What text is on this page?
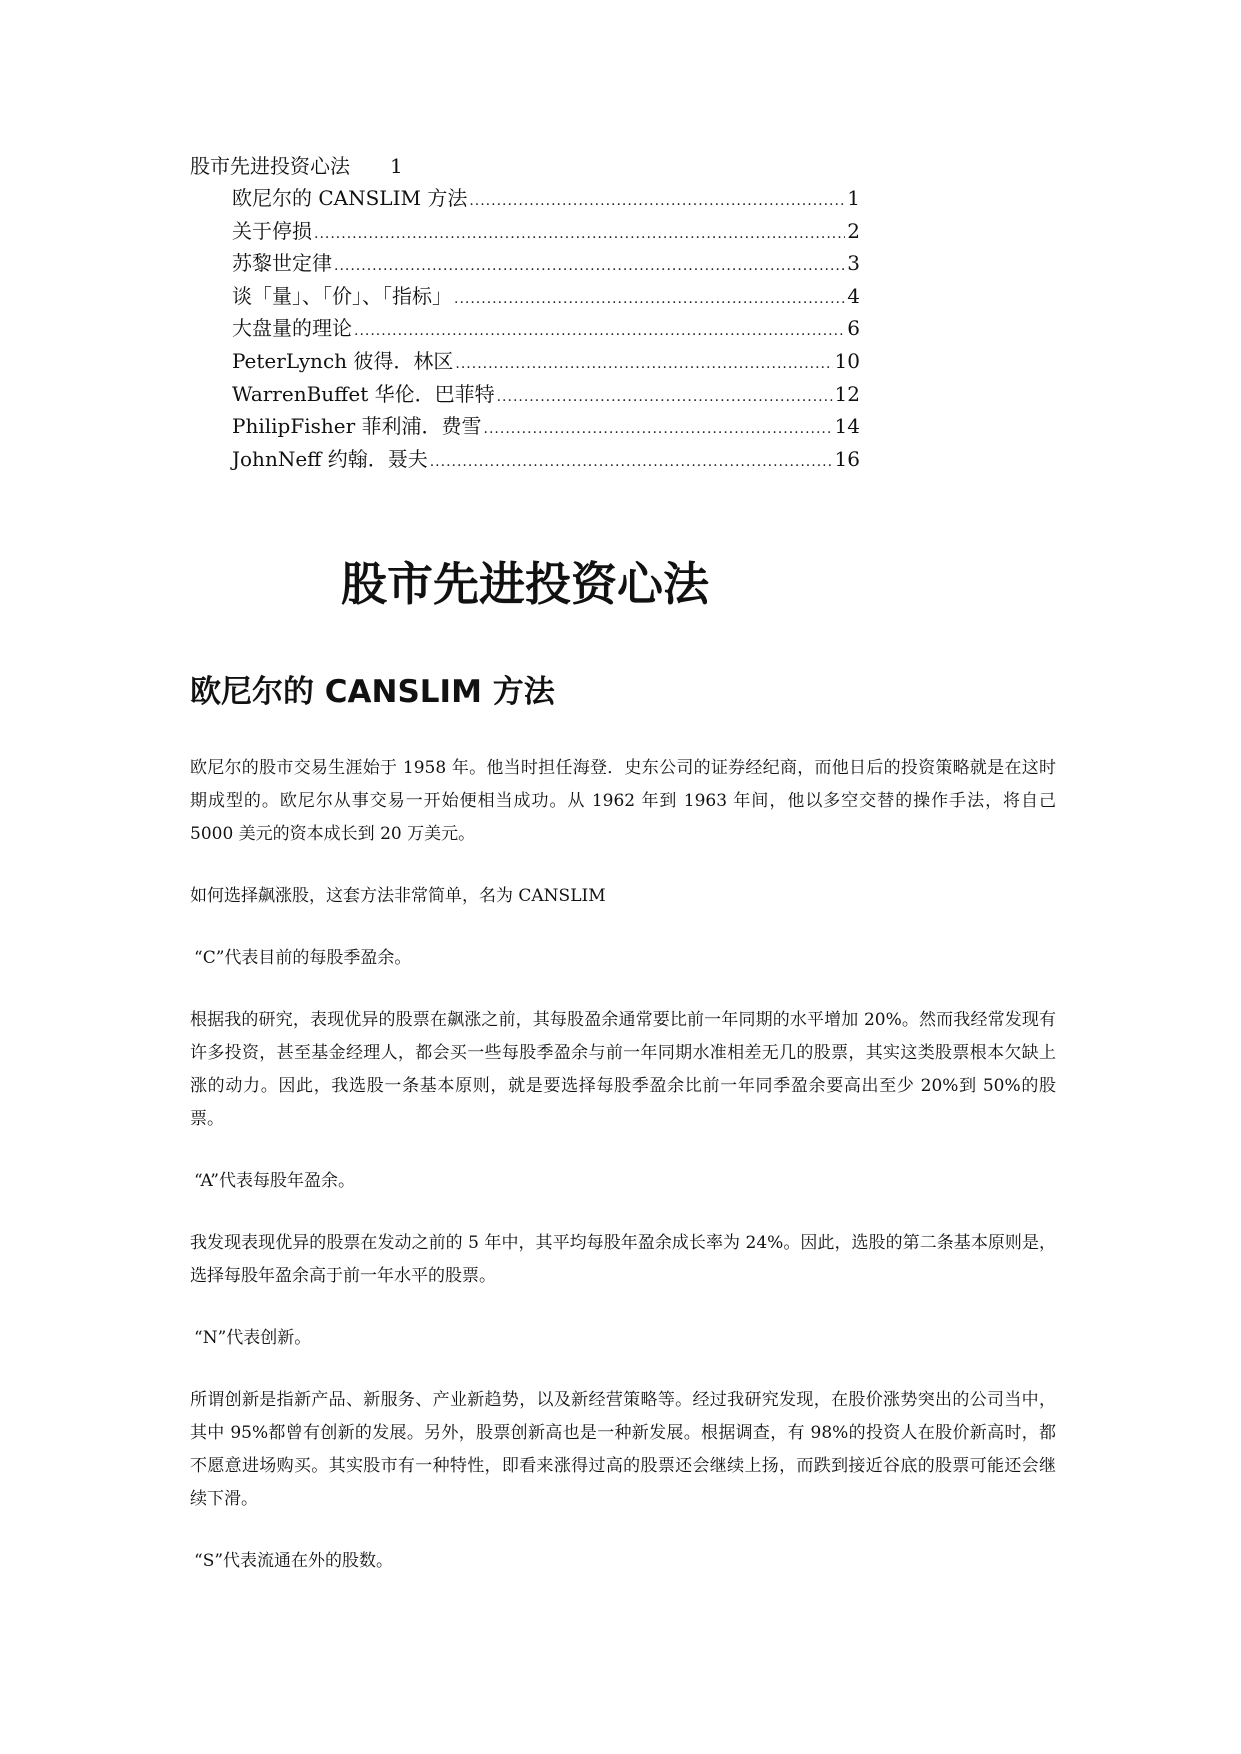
股市先进投资心法 1
欧尼尔的 CANSLIM 方法 .....	1
关于停损 .....	2
苏黎世定律 .....	3
谈「量」、「价」、「指标」 .....	4
大盘量的理论 .....	6
PeterLynch 彼得．林区 .....	10
WarrenBuffet 华伦．巴菲特 .....	12
PhilipFisher 菲利浦．费雪 .....	14
JohnNeff 约翰．聂夫 .....	16
股市先进投资心法
欧尼尔的 CANSLIM 方法

欧尼尔的股市交易生涯始于 1958 年。他当时担任海登．史东公司的证券经纪商，而他日后的投资策略就是在这时期成型的。欧尼尔从事交易一开始便相当成功。从 1962 年到 1963 年间，他以多空交替的操作手法，将自己 5000 美元的资本成长到 20 万美元。

如何选择飙涨股，这套方法非常简单，名为 CANSLIM

“C”代表目前的每股季盈余。

根据我的研究，表现优异的股票在飙涨之前，其每股盈余通常要比前一年同期的水平增加 20%。然而我经常发现有许多投资，甚至基金经理人，都会买一些每股季盈余与前一年同期水准相差无几的股票，其实这类股票根本欠缺上涨的动力。因此，我选股一条基本原则，就是要选择每股季盈余比前一年同季盈余要高出至少 20%到 50%的股票。

“A”代表每股年盈余。

我发现表现优异的股票在发动之前的 5 年中，其平均每股年盈余成长率为 24%。因此，选股的第二条基本原则是，选择每股年盈余高于前一年水平的股票。

“N”代表创新。

所谓创新是指新产品、新服务、产业新趋势，以及新经营策略等。经过我研究发现，在股价涨势突出的公司当中，其中 95%都曾有创新的发展。另外，股票创新高也是一种新发展。根据调查，有 98%的投资人在股价新高时，都不愿意进场购买。其实股市有一种特性，即看来涨得过高的股票还会继续上扬，而跌到接近谷底的股票可能还会继续下滑。

“S”代表流通在外的股数。
